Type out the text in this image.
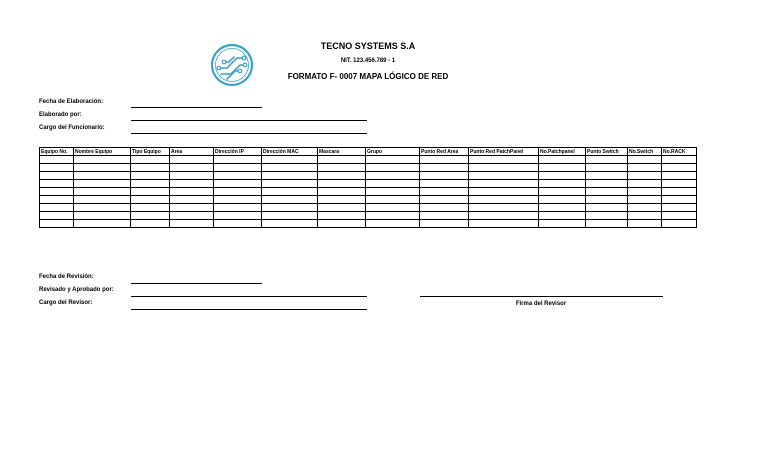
TECNO SYSTEMS S.A
NIT. 123.456.789 - 1
FORMATO F- 0007 MAPA LÓGICO DE RED
Fecha de Elaboración:
Elaborado por:
Cargo del Funcionario:
Equipo No.	Nombre Equipo	Tipo Equipo	Area	Dirección IP	Dirección MAC	Mascara	Grupo	Punto Red Area	Punto Red PatchPanel	No.Patchpanel	Punto Switch	No.Switch	No.RACK

Fecha de Revisión:
Revisado y Aprobado por:
Cargo del Revisor:	Firma del Revisor
